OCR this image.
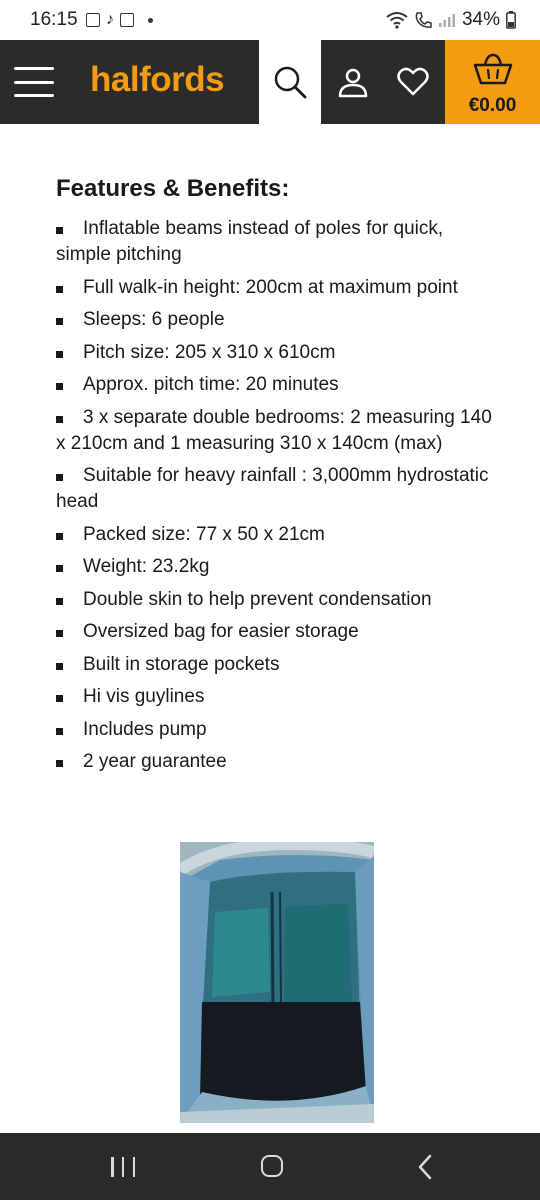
16:15 ♪	34%
halfords
€0.00
Features & Benefits:
Inflatable beams instead of poles for quick, simple pitching
Full walk-in height: 200cm at maximum point
Sleeps: 6 people
Pitch size: 205 x 310 x 610cm
Approx. pitch time: 20 minutes
3 x separate double bedrooms: 2 measuring 140 x 210cm and 1 measuring 310 x 140cm (max)
Suitable for heavy rainfall : 3,000mm hydrostatic head
Packed size: 77 x 50 x 21cm
Weight: 23.2kg
Double skin to help prevent condensation
Oversized bag for easier storage
Built in storage pockets
Hi vis guylines
Includes pump
2 year guarantee
